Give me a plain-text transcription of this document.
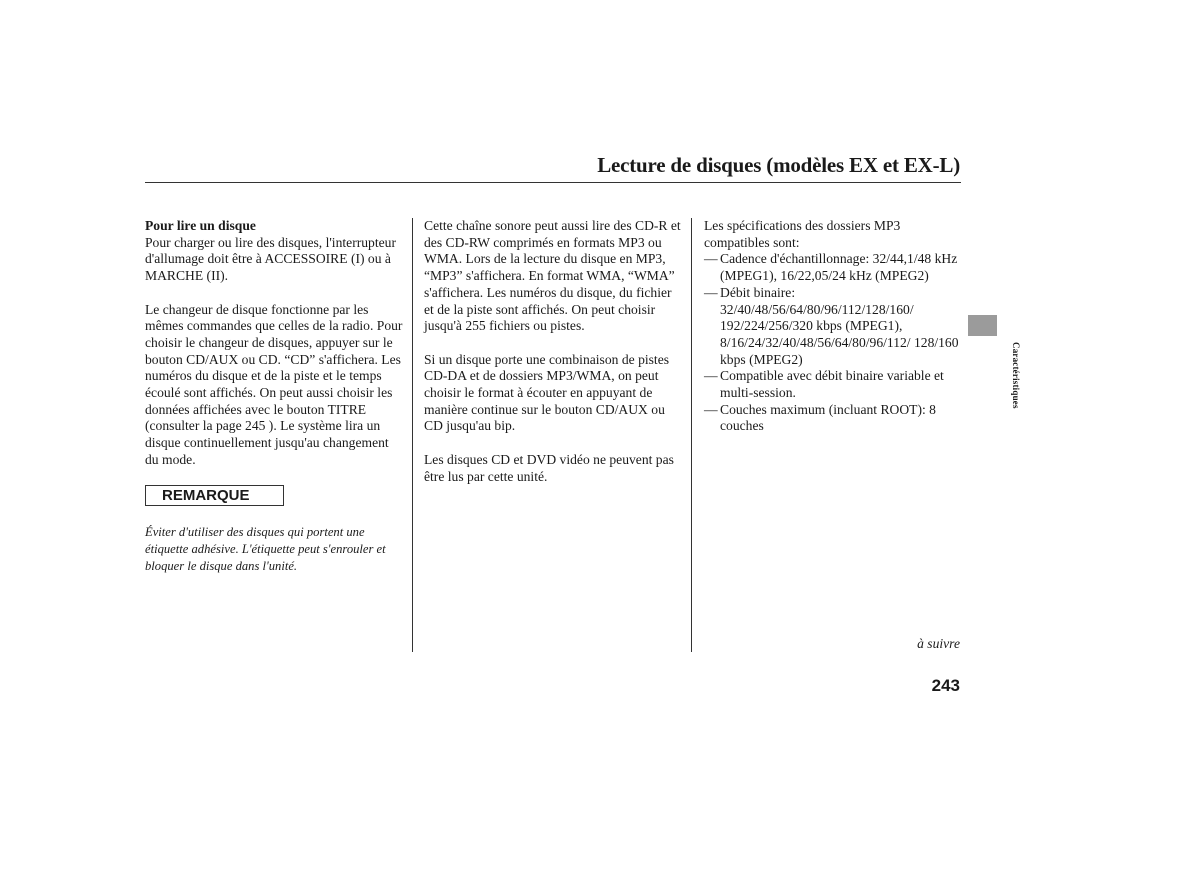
Lecture de disques (modèles EX et EX-L)
Pour lire un disque

Pour charger ou lire des disques, l'interrupteur d'allumage doit être à ACCESSOIRE (I) ou à MARCHE (II).

Le changeur de disque fonctionne par les mêmes commandes que celles de la radio. Pour choisir le changeur de disques, appuyer sur le bouton CD/AUX ou CD. “CD” s'affichera. Les numéros du disque et de la piste et le temps écoulé sont affichés. On peut aussi choisir les données affichées avec le bouton TITRE (consulter la page 245 ). Le système lira un disque continuellement jusqu'au changement du mode.

REMARQUE
Éviter d'utiliser des disques qui portent une étiquette adhésive. L'étiquette peut s'enrouler et bloquer le disque dans l'unité.

Cette chaîne sonore peut aussi lire des CD-R et des CD-RW comprimés en formats MP3 ou WMA. Lors de la lecture du disque en MP3, “MP3” s'affichera. En format WMA, “WMA” s'affichera. Les numéros du disque, du fichier et de la piste sont affichés. On peut choisir jusqu'à 255 fichiers ou pistes.

Si un disque porte une combinaison de pistes CD-DA et de dossiers MP3/WMA, on peut choisir le format à écouter en appuyant de manière continue sur le bouton CD/AUX ou CD jusqu'au bip.

Les disques CD et DVD vidéo ne peuvent pas être lus par cette unité.

Les spécifications des dossiers MP3 compatibles sont:
— Cadence d'échantillonnage: 32/44,1/48 kHz (MPEG1), 16/22,05/24 kHz (MPEG2)
— Débit binaire: 32/40/48/56/64/80/96/112/128/160/ 192/224/256/320 kbps (MPEG1), 8/16/24/32/40/48/56/64/80/96/112/ 128/160 kbps (MPEG2)
— Compatible avec débit binaire variable et multi-session.
— Couches maximum (incluant ROOT): 8 couches
Caractéristiques
à suivre
243
